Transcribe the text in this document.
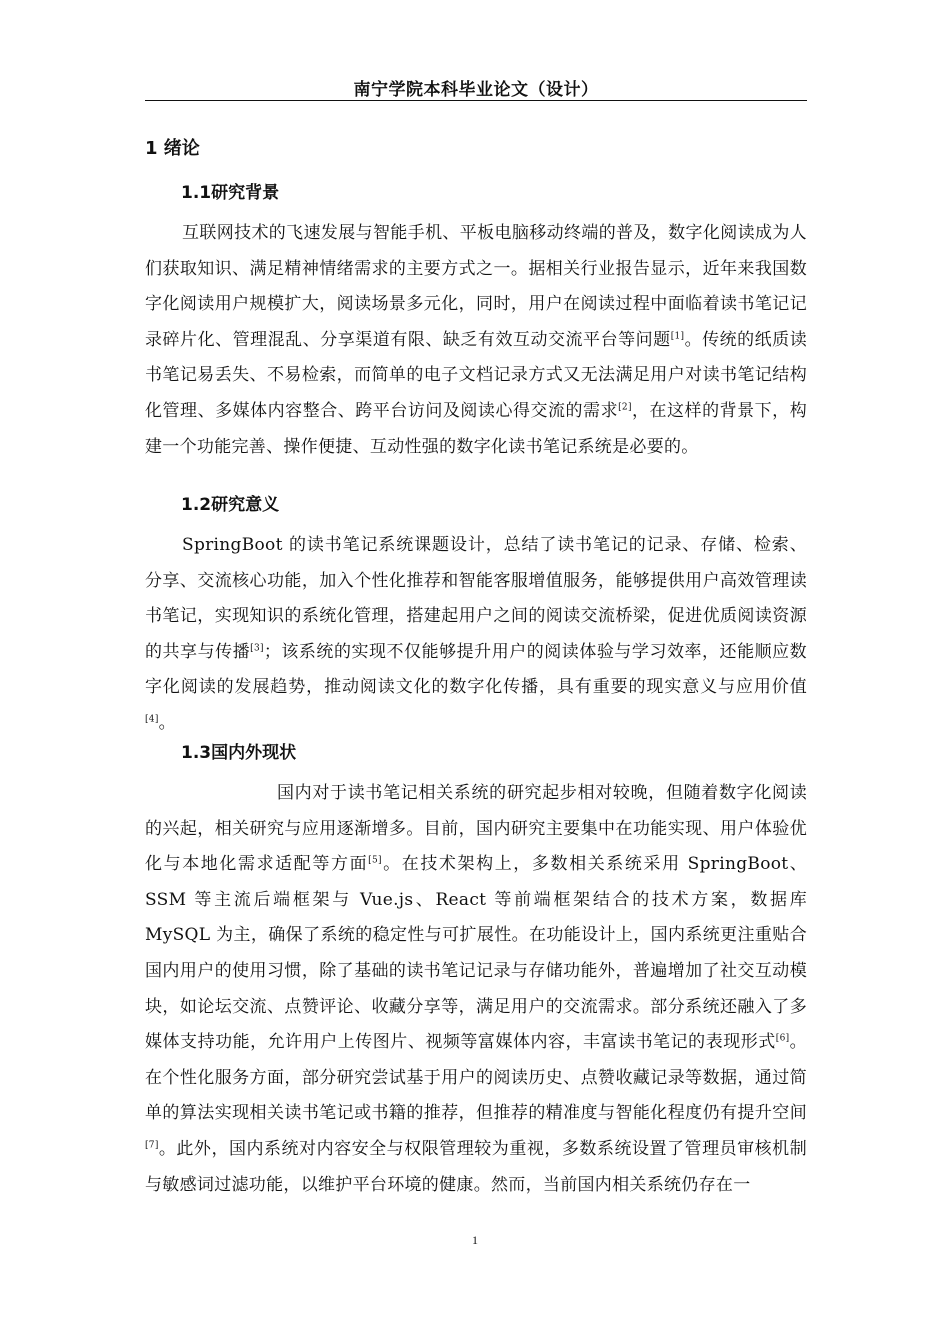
南宁学院本科毕业论文（设计）
1 绪论
1.1研究背景
互联网技术的飞速发展与智能手机、平板电脑移动终端的普及，数字化阅读成为人们获取知识、满足精神情绪需求的主要方式之一。据相关行业报告显示，近年来我国数字化阅读用户规模扩大，阅读场景多元化，同时，用户在阅读过程中面临着读书笔记记录碎片化、管理混乱、分享渠道有限、缺乏有效互动交流平台等问题[1]。传统的纸质读书笔记易丢失、不易检索，而简单的电子文档记录方式又无法满足用户对读书笔记结构化管理、多媒体内容整合、跨平台访问及阅读心得交流的需求[2]，在这样的背景下，构建一个功能完善、操作便捷、互动性强的数字化读书笔记系统是必要的。
1.2研究意义
SpringBoot 的读书笔记系统课题设计，总结了读书笔记的记录、存储、检索、分享、交流核心功能，加入个性化推荐和智能客服增值服务，能够提供用户高效管理读书笔记，实现知识的系统化管理，搭建起用户之间的阅读交流桥梁，促进优质阅读资源的共享与传播[3]；该系统的实现不仅能够提升用户的阅读体验与学习效率，还能顺应数字化阅读的发展趋势，推动阅读文化的数字化传播，具有重要的现实意义与应用价值[4]。
1.3国内外现状
国内对于读书笔记相关系统的研究起步相对较晚，但随着数字化阅读的兴起，相关研究与应用逐渐增多。目前，国内研究主要集中在功能实现、用户体验优化与本地化需求适配等方面[5]。在技术架构上，多数相关系统采用 SpringBoot、SSM 等主流后端框架与 Vue.js、React 等前端框架结合的技术方案，数据库 MySQL 为主，确保了系统的稳定性与可扩展性。在功能设计上，国内系统更注重贴合国内用户的使用习惯，除了基础的读书笔记记录与存储功能外，普遍增加了社交互动模块，如论坛交流、点赞评论、收藏分享等，满足用户的交流需求。部分系统还融入了多媒体支持功能，允许用户上传图片、视频等富媒体内容，丰富读书笔记的表现形式[6]。在个性化服务方面，部分研究尝试基于用户的阅读历史、点赞收藏记录等数据，通过简单的算法实现相关读书笔记或书籍的推荐，但推荐的精准度与智能化程度仍有提升空间[7]。此外，国内系统对内容安全与权限管理较为重视，多数系统设置了管理员审核机制与敏感词过滤功能，以维护平台环境的健康。然而，当前国内相关系统仍存在一
1
